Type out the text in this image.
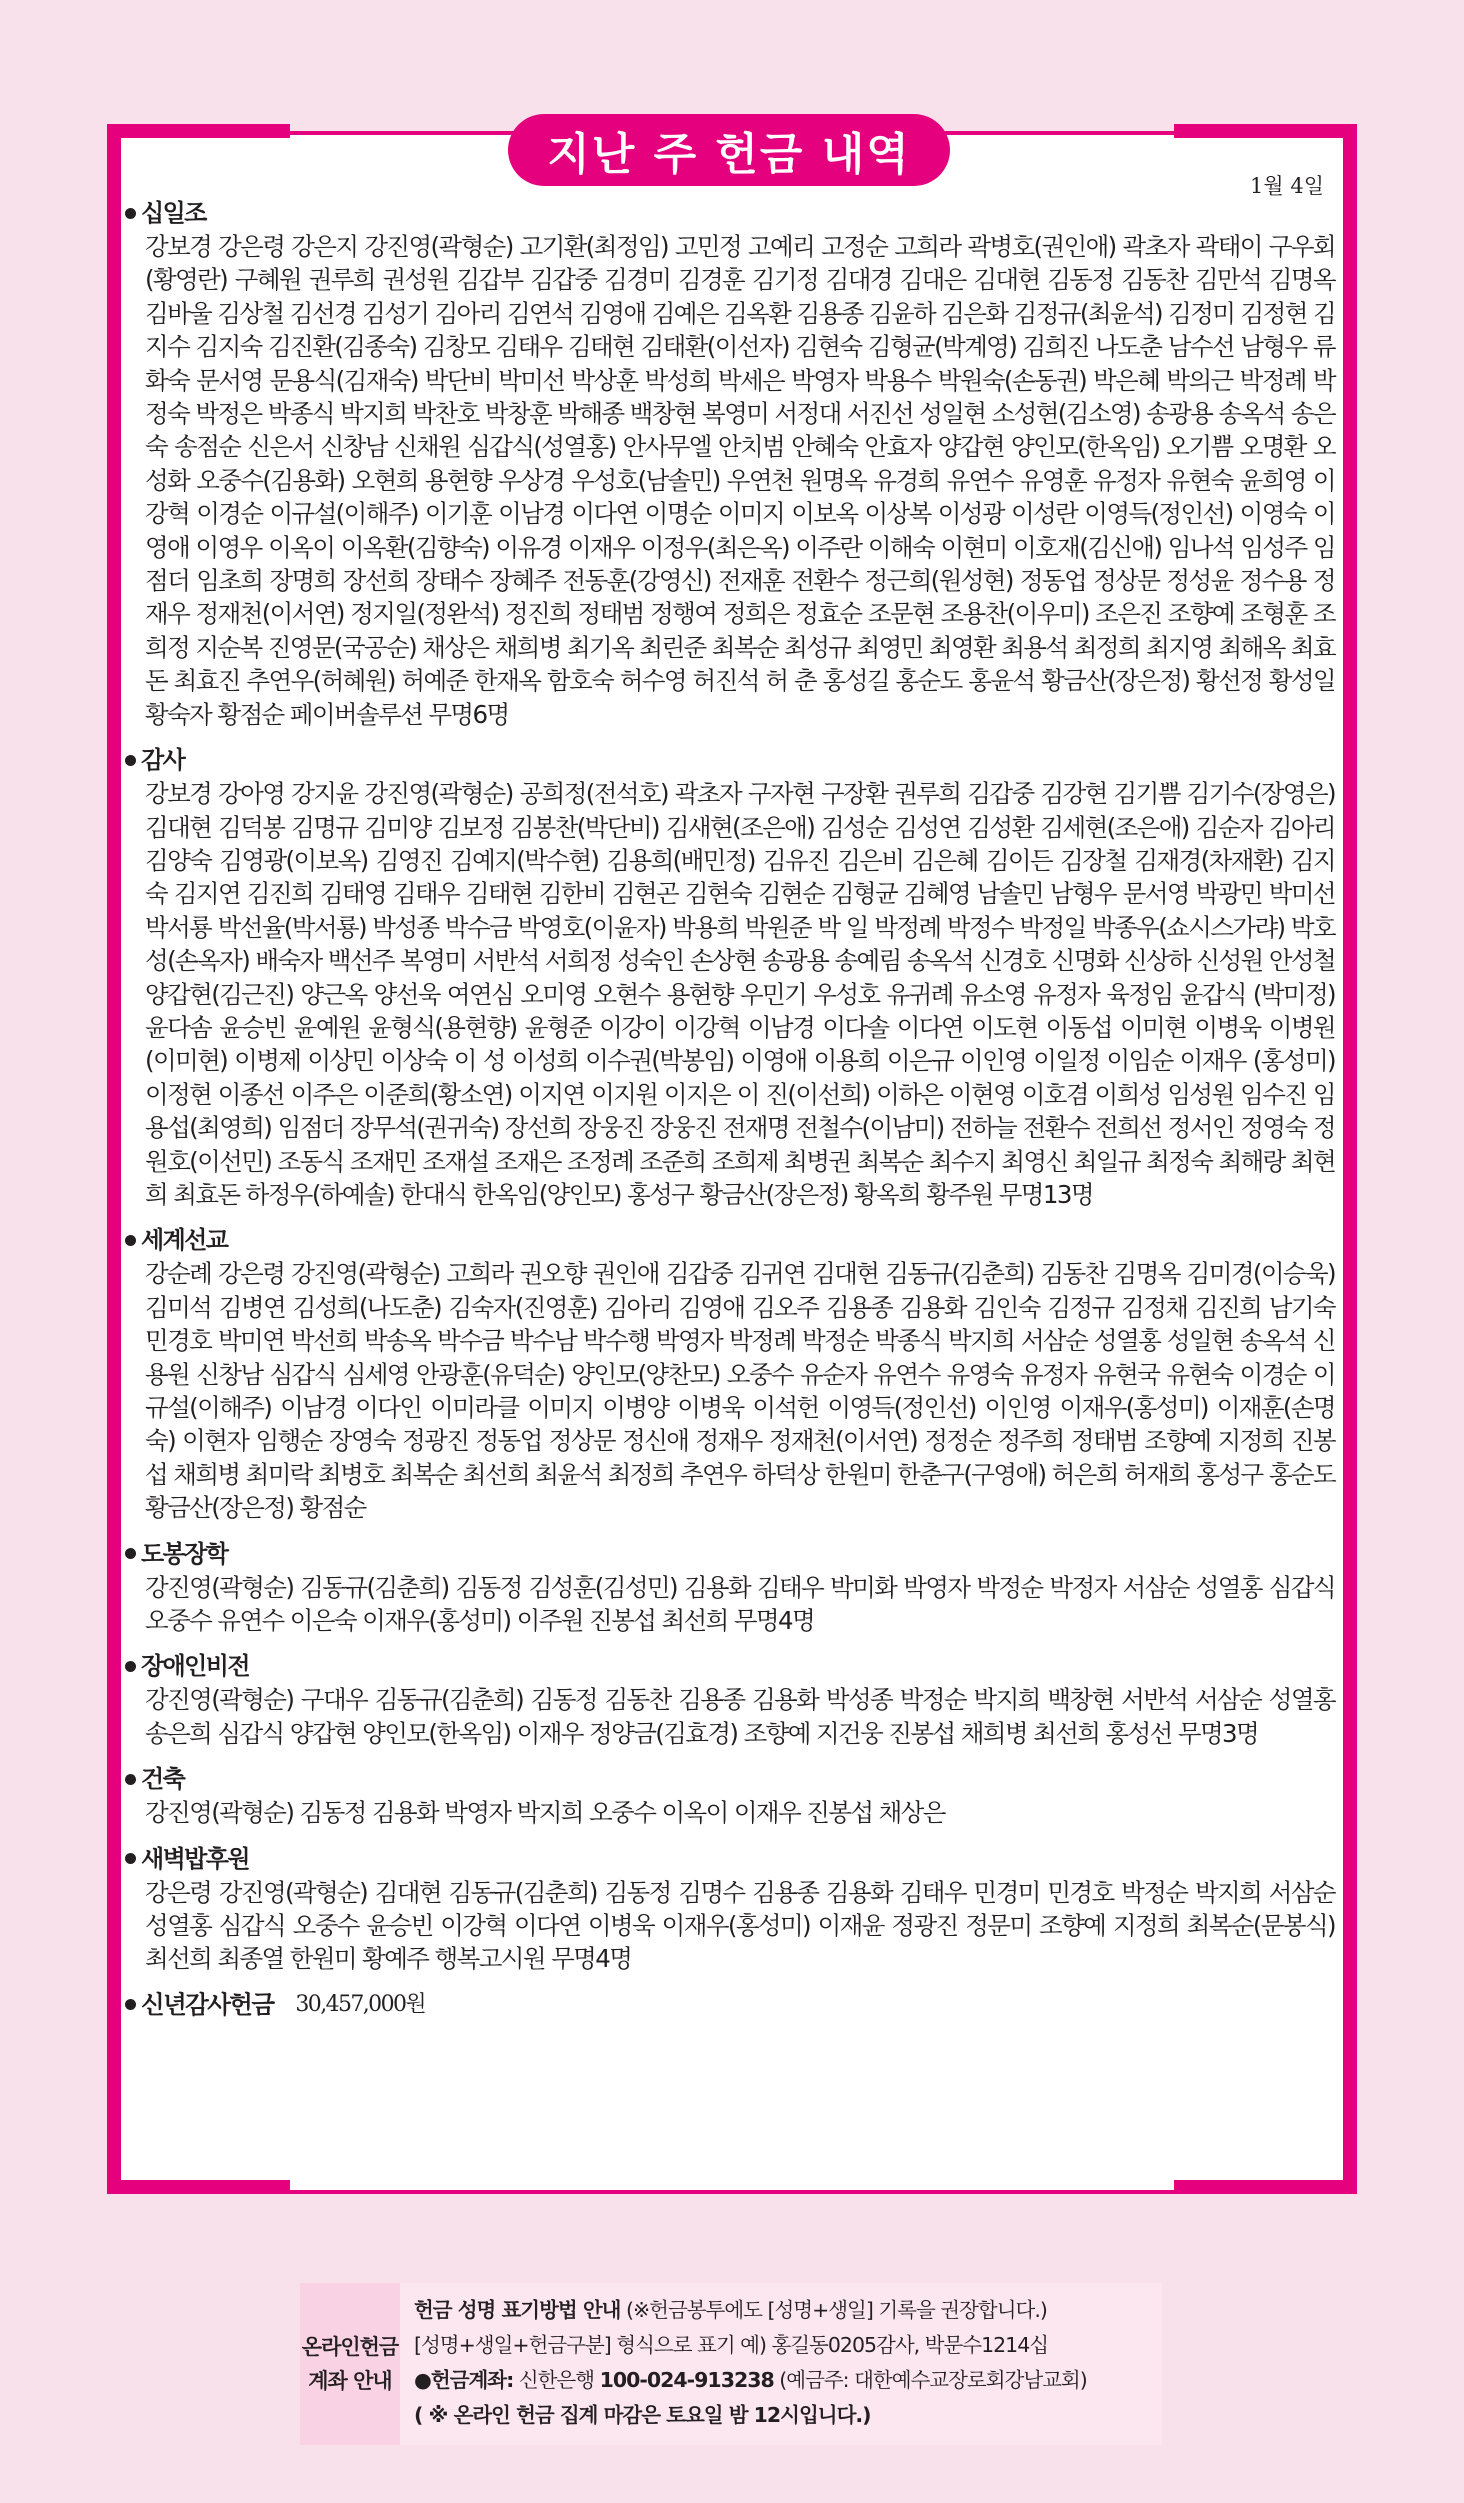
지난 주 헌금 내역
1월 4일
십일조
강보경 강은령 강은지 강진영(곽형순) 고기환(최정임) 고민정 고예리 고정순 고희라 곽병호(권인애) 곽초자 곽태이 구우회 (황영란) 구혜원 권루희 권성원 김갑부 김갑중 김경미 김경훈 김기정 김대경 김대은 김대현 김동정 김동찬 김만석 김명옥 김바울 김상철 김선경 김성기 김아리 김연석 김영애 김예은 김옥환 김용종 김윤하 김은화 김정규(최윤석) 김정미 김정현 김지수 김지숙 김진환(김종숙) 김창모 김태우 김태현 김태환(이선자) 김현숙 김형균(박계영) 김희진 나도춘 남수선 남형우 류화숙 문서영 문용식(김재숙) 박단비 박미선 박상훈 박성희 박세은 박영자 박용수 박원숙(손동권) 박은혜 박의근 박정례 박정숙 박정은 박종식 박지희 박찬호 박창훈 박해종 백창현 복영미 서정대 서진선 성일현 소성현(김소영) 송광용 송옥석 송은숙 송점순 신은서 신창남 신채원 심갑식(성열홍) 안사무엘 안치범 안혜숙 안효자 양갑현 양인모(한옥임) 오기쁨 오명환 오성화 오중수(김용화) 오현희 용현향 우상경 우성호(남솔민) 우연천 원명옥 유경희 유연수 유영훈 유정자 유현숙 윤희영 이강혁 이경순 이규설(이해주) 이기훈 이남경 이다연 이명순 이미지 이보옥 이상복 이성광 이성란 이영득(정인선) 이영숙 이영애 이영우 이옥이 이옥환(김향숙) 이유경 이재우 이정우(최은옥) 이주란 이해숙 이현미 이호재(김신애) 임나석 임성주 임점더 임초희 장명희 장선희 장태수 장혜주 전동훈(강영신) 전재훈 전환수 정근희(원성현) 정동업 정상문 정성윤 정수용 정재우 정재천(이서연) 정지일(정완석) 정진희 정태범 정행여 정희은 정효순 조문현 조용찬(이우미) 조은진 조향예 조형훈 조희정 지순복 진영문(국공순) 채상은 채희병 최기옥 최린준 최복순 최성규 최영민 최영환 최용석 최정희 최지영 최해옥 최효돈 최효진 추연우(허혜원) 허예준 한재옥 함호숙 허수영 허진석 허 춘 홍성길 홍순도 홍윤석 황금산(장은정) 황선정 황성일 황숙자 황점순 페이버솔루션 무명6명
감사
강보경 강아영 강지윤 강진영(곽형순) 공희정(전석호) 곽초자 구자현 구장환 권루희 김갑중 김강현 김기쁨 김기수(장영은) 김대현 김덕봉 김명규 김미양 김보정 김봉찬(박단비) 김새현(조은애) 김성순 김성연 김성환 김세현(조은애) 김순자 김아리 김양숙 김영광(이보옥) 김영진 김예지(박수현) 김용희(배민정) 김유진 김은비 김은혜 김이든 김장철 김재경(차재환) 김지숙 김지연 김진희 김태영 김태우 김태현 김한비 김현곤 김현숙 김현순 김형균 김혜영 남솔민 남형우 문서영 박광민 박미선 박서룡 박선율(박서룡) 박성종 박수금 박영호(이윤자) 박용희 박원준 박 일 박정례 박정수 박정일 박종우(쇼시스가랴) 박호성(손옥자) 배숙자 백선주 복영미 서반석 서희정 성숙인 손상현 송광용 송예림 송옥석 신경호 신명화 신상하 신성원 안성철 양갑현(김근진) 양근옥 양선욱 여연심 오미영 오현수 용현향 우민기 우성호 유귀례 유소영 유정자 육정임 윤갑식 (박미정) 윤다솜 윤승빈 윤예원 윤형식(용현향) 윤형준 이강이 이강혁 이남경 이다솔 이다연 이도현 이동섭 이미현 이병욱 이병원(이미현) 이병제 이상민 이상숙 이 성 이성희 이수권(박봉임) 이영애 이용희 이은규 이인영 이일정 이임순 이재우 (홍성미) 이정현 이종선 이주은 이준희(황소연) 이지연 이지원 이지은 이 진(이선희) 이하은 이현영 이호겸 이희성 임성원 임수진 임용섭(최영희) 임점더 장무석(권귀숙) 장선희 장웅진 장웅진 전재명 전철수(이남미) 전하늘 전환수 전희선 정서인 정영숙 정원호(이선민) 조동식 조재민 조재설 조재은 조정례 조준희 조희제 최병권 최복순 최수지 최영신 최일규 최정숙 최해랑 최현희 최효돈 하정우(하예솔) 한대식 한옥임(양인모) 홍성구 황금산(장은정) 황옥희 황주원 무명13명
세계선교
강순례 강은령 강진영(곽형순) 고희라 권오향 권인애 김갑중 김귀연 김대현 김동규(김춘희) 김동찬 김명옥 김미경(이승욱) 김미석 김병연 김성희(나도춘) 김숙자(진영훈) 김아리 김영애 김오주 김용종 김용화 김인숙 김정규 김정채 김진희 남기숙 민경호 박미연 박선희 박송옥 박수금 박수남 박수행 박영자 박정례 박정순 박종식 박지희 서삼순 성열홍 성일현 송옥석 신용원 신창남 심갑식 심세영 안광훈(유덕순) 양인모(양찬모) 오중수 유순자 유연수 유영숙 유정자 유현국 유현숙 이경순 이규설(이해주) 이남경 이다인 이미라클 이미지 이병양 이병욱 이석헌 이영득(정인선) 이인영 이재우(홍성미) 이재훈(손명숙) 이현자 임행순 장영숙 정광진 정동업 정상문 정신애 정재우 정재천(이서연) 정정순 정주희 정태범 조향예 지정희 진봉섭 채희병 최미락 최병호 최복순 최선희 최윤석 최정희 추연우 하덕상 한원미 한춘구(구영애) 허은희 허재희 홍성구 홍순도 황금산(장은정) 황점순
도봉장학
강진영(곽형순) 김동규(김춘희) 김동정 김성훈(김성민) 김용화 김태우 박미화 박영자 박정순 박정자 서삼순 성열홍 심갑식 오중수 유연수 이은숙 이재우(홍성미) 이주원 진봉섭 최선희 무명4명
장애인비전
강진영(곽형순) 구대우 김동규(김춘희) 김동정 김동찬 김용종 김용화 박성종 박정순 박지희 백창현 서반석 서삼순 성열홍 송은희 심갑식 양갑현 양인모(한옥임) 이재우 정양금(김효경) 조향예 지건웅 진봉섭 채희병 최선희 홍성선 무명3명
건축
강진영(곽형순) 김동정 김용화 박영자 박지희 오중수 이옥이 이재우 진봉섭 채상은
새벽밥후원
강은령 강진영(곽형순) 김대현 김동규(김춘희) 김동정 김명수 김용종 김용화 김태우 민경미 민경호 박정순 박지희 서삼순 성열홍 심갑식 오중수 윤승빈 이강혁 이다연 이병욱 이재우(홍성미) 이재윤 정광진 정문미 조향예 지정희 최복순(문봉식) 최선희 최종열 한원미 황예주 행복고시원 무명4명
신년감사헌금 30,457,000원
온라인헌금
계좌 안내
헌금 성명 표기방법 안내 (※헌금봉투에도 [성명+생일] 기록을 권장합니다.)
[성명+생일+헌금구분] 형식으로 표기 예) 홍길동0205감사, 박문수1214십
●헌금계좌: 신한은행 100-024-913238 (예금주: 대한예수교장로회강남교회)
( ※ 온라인 헌금 집계 마감은 토요일 밤 12시입니다.)
